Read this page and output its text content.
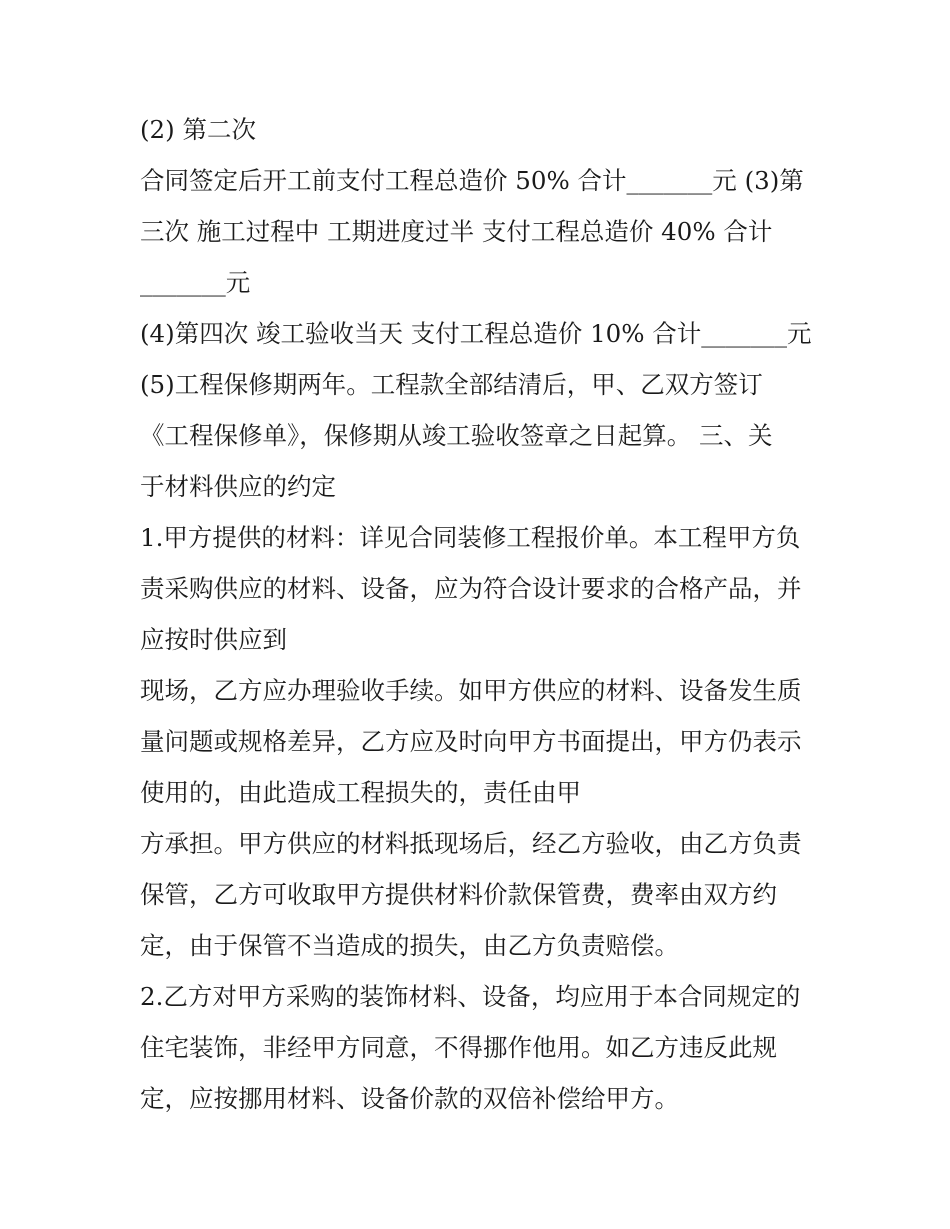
(2) 第二次

合同签定后开工前支付工程总造价 50% 合计_______元 (3)第

三次 施工过程中 工期进度过半 支付工程总造价 40% 合计

_______元

(4)第四次 竣工验收当天 支付工程总造价 10% 合计_______元

(5)工程保修期两年。工程款全部结清后，甲、乙双方签订

《工程保修单》，保修期从竣工验收签章之日起算。 三、关

于材料供应的约定

1.甲方提供的材料：详见合同装修工程报价单。本工程甲方负

责采购供应的材料、设备，应为符合设计要求的合格产品，并

应按时供应到

现场，乙方应办理验收手续。如甲方供应的材料、设备发生质

量问题或规格差异，乙方应及时向甲方书面提出，甲方仍表示

使用的，由此造成工程损失的，责任由甲

方承担。甲方供应的材料抵现场后，经乙方验收，由乙方负责

保管，乙方可收取甲方提供材料价款保管费，费率由双方约

定，由于保管不当造成的损失，由乙方负责赔偿。

2.乙方对甲方采购的装饰材料、设备，均应用于本合同规定的

住宅装饰，非经甲方同意，不得挪作他用。如乙方违反此规

定，应按挪用材料、设备价款的双倍补偿给甲方。
